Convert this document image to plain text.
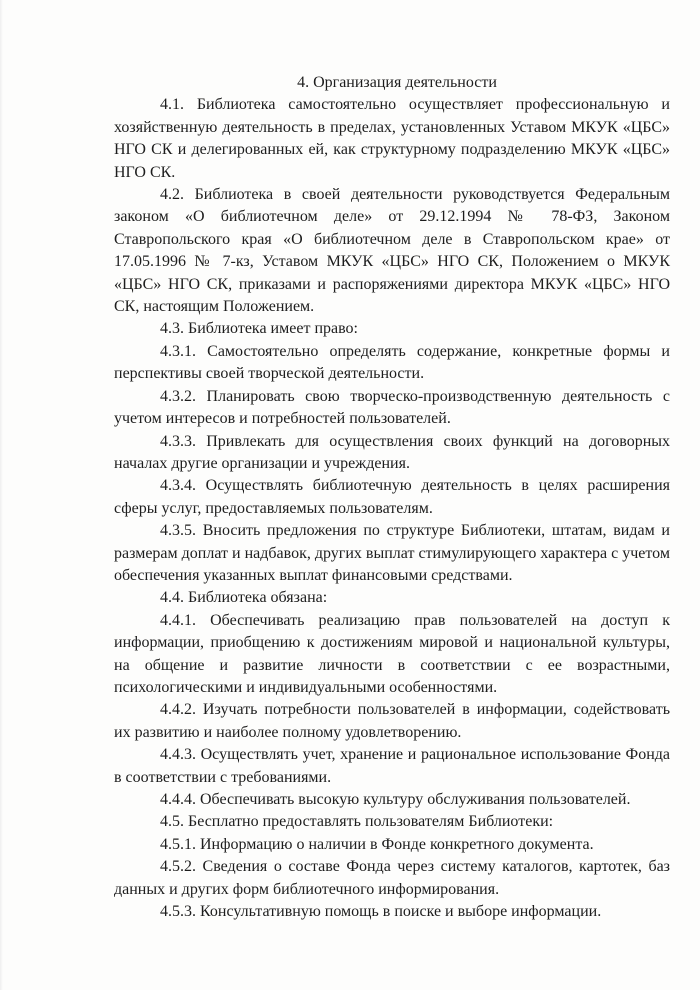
4. Организация деятельности

4.1. Библиотека самостоятельно осуществляет профессиональную и хозяйственную деятельность в пределах, установленных Уставом МКУК «ЦБС» НГО СК и делегированных ей, как структурному подразделению МКУК «ЦБС» НГО СК.

4.2. Библиотека в своей деятельности руководствуется Федеральным законом «О библиотечном деле» от 29.12.1994 № 78-ФЗ, Законом Ставропольского края «О библиотечном деле в Ставропольском крае» от 17.05.1996 № 7-кз, Уставом МКУК «ЦБС» НГО СК, Положением о МКУК «ЦБС» НГО СК, приказами и распоряжениями директора МКУК «ЦБС» НГО СК, настоящим Положением.

4.3. Библиотека имеет право:

4.3.1. Самостоятельно определять содержание, конкретные формы и перспективы своей творческой деятельности.

4.3.2. Планировать свою творческо-производственную деятельность с учетом интересов и потребностей пользователей.

4.3.3. Привлекать для осуществления своих функций на договорных началах другие организации и учреждения.

4.3.4. Осуществлять библиотечную деятельность в целях расширения сферы услуг, предоставляемых пользователям.

4.3.5. Вносить предложения по структуре Библиотеки, штатам, видам и размерам доплат и надбавок, других выплат стимулирующего характера с учетом обеспечения указанных выплат финансовыми средствами.

4.4. Библиотека обязана:

4.4.1. Обеспечивать реализацию прав пользователей на доступ к информации, приобщению к достижениям мировой и национальной культуры, на общение и развитие личности в соответствии с ее возрастными, психологическими и индивидуальными особенностями.

4.4.2. Изучать потребности пользователей в информации, содействовать их развитию и наиболее полному удовлетворению.

4.4.3. Осуществлять учет, хранение и рациональное использование Фонда в соответствии с требованиями.

4.4.4. Обеспечивать высокую культуру обслуживания пользователей.

4.5. Бесплатно предоставлять пользователям Библиотеки:

4.5.1. Информацию о наличии в Фонде конкретного документа.

4.5.2. Сведения о составе Фонда через систему каталогов, картотек, баз данных и других форм библиотечного информирования.

4.5.3. Консультативную помощь в поиске и выборе информации.
